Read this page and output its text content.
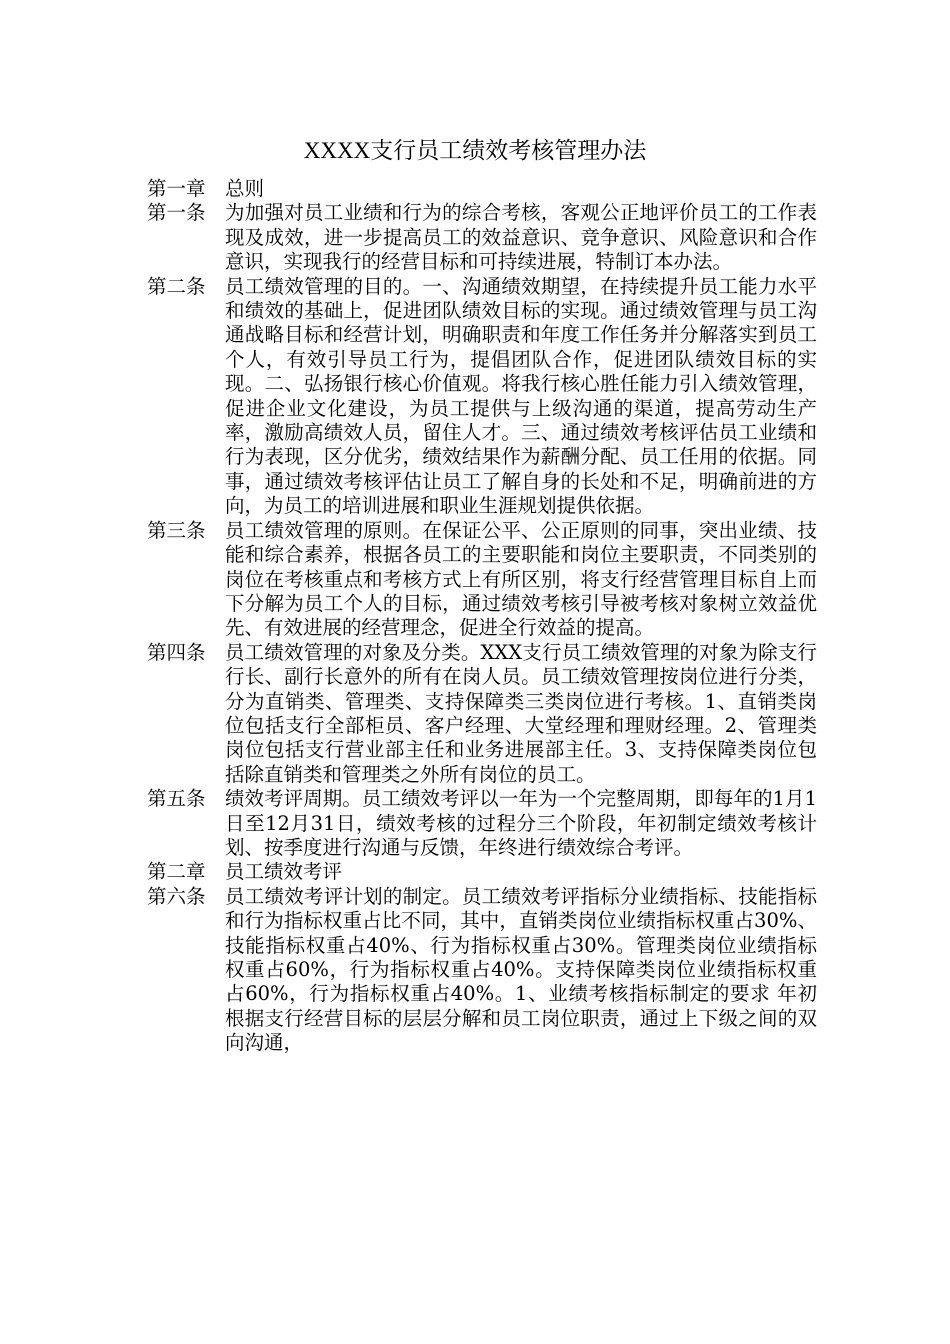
XXXX支行员工绩效考核管理办法
第一章 总则
第一条 为加强对员工业绩和行为的综合考核，客观公正地评价员工的工作表现及成效，进一步提高员工的效益意识、竞争意识、风险意识和合作意识，实现我行的经营目标和可持续进展，特制订本办法。
第二条 员工绩效管理的目的。一、沟通绩效期望，在持续提升员工能力水平和绩效的基础上，促进团队绩效目标的实现。通过绩效管理与员工沟通战略目标和经营计划，明确职责和年度工作任务并分解落实到员工个人，有效引导员工行为，提倡团队合作，促进团队绩效目标的实现。二、弘扬银行核心价值观。将我行核心胜任能力引入绩效管理，促进企业文化建设，为员工提供与上级沟通的渠道，提高劳动生产率，激励高绩效人员，留住人才。三、通过绩效考核评估员工业绩和行为表现，区分优劣，绩效结果作为薪酬分配、员工任用的依据。同事，通过绩效考核评估让员工了解自身的长处和不足，明确前进的方向，为员工的培训进展和职业生涯规划提供依据。
第三条 员工绩效管理的原则。在保证公平、公正原则的同事，突出业绩、技能和综合素养，根据各员工的主要职能和岗位主要职责，不同类别的岗位在考核重点和考核方式上有所区别，将支行经营管理目标自上而下分解为员工个人的目标，通过绩效考核引导被考核对象树立效益优先、有效进展的经营理念，促进全行效益的提高。
第四条 员工绩效管理的对象及分类。XXX支行员工绩效管理的对象为除支行行长、副行长意外的所有在岗人员。员工绩效管理按岗位进行分类，分为直销类、管理类、支持保障类三类岗位进行考核。1、直销类岗位包括支行全部柜员、客户经理、大堂经理和理财经理。2、管理类岗位包括支行营业部主任和业务进展部主任。3、支持保障类岗位包括除直销类和管理类之外所有岗位的员工。
第五条 绩效考评周期。员工绩效考评以一年为一个完整周期，即每年的1月1日至12月31日，绩效考核的过程分三个阶段，年初制定绩效考核计划、按季度进行沟通与反馈，年终进行绩效综合考评。
第二章 员工绩效考评
第六条 员工绩效考评计划的制定。员工绩效考评指标分业绩指标、技能指标和行为指标权重占比不同，其中，直销类岗位业绩指标权重占30%、技能指标权重占40%、行为指标权重占30%。管理类岗位业绩指标权重占60%，行为指标权重占40%。支持保障类岗位业绩指标权重占60%，行为指标权重占40%。1、业绩考核指标制定的要求 年初根据支行经营目标的层层分解和员工岗位职责，通过上下级之间的双向沟通，
